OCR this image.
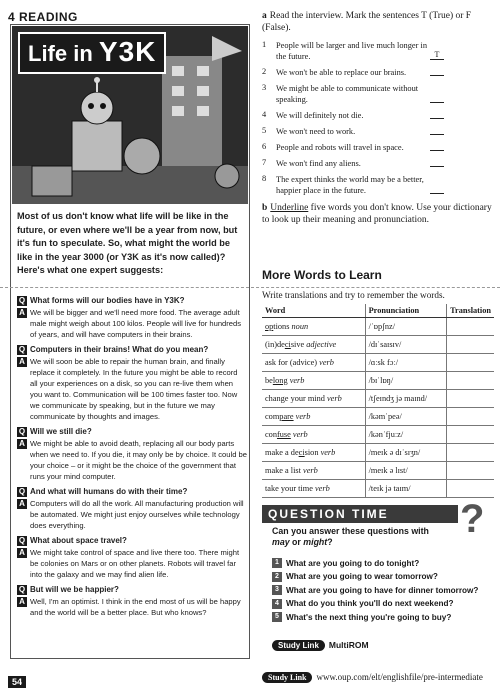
4 READING
Life in Y3K
Most of us don't know what life will be like in the future, or even where we'll be a year from now, but it's fun to speculate. So, what might the world be like in the year 3000 (or Y3K as it's now called)? Here's what one expert suggests:
Q What forms will our bodies have in Y3K?
A We will be bigger and we'll need more food. The average adult male might weigh about 100 kilos. People will live for hundreds of years, and will have computers in their brains.
Q Computers in their brains! What do you mean?
A We will soon be able to repair the human brain, and finally replace it completely. In the future you might be able to record all your experiences on a disk, so you can re-live them when you want to. Communication will be 100 times faster too. Now we communicate by speaking, but in the future we may communicate by thoughts and images.
Q Will we still die?
A We might be able to avoid death, replacing all our body parts when we need to. If you die, it may only be by choice. It could be your choice – or it might be the choice of the government that runs your mind computer.
Q And what will humans do with their time?
A Computers will do all the work. All manufacturing production will be automated. We might just enjoy ourselves while technology does everything.
Q What about space travel?
A We might take control of space and live there too. There might be colonies on Mars or on other planets. Robots will travel far into the galaxy and we may find alien life.
Q But will we be happier?
A Well, I'm an optimist. I think in the end most of us will be happy and the world will be a better place. But who knows?
a Read the interview. Mark the sentences T (True) or F (False).
1	People will be larger and live much longer in the future.	T
2	We won't be able to replace our brains.
3	We might be able to communicate without speaking.
4	We will definitely not die.
5	We won't need to work.
6	People and robots will travel in space.
7	We won't find any aliens.
8	The expert thinks the world may be a better, happier place in the future.
b Underline five words you don't know. Use your dictionary to look up their meaning and pronunciation.
More Words to Learn
Write translations and try to remember the words.
Word	Pronunciation	Translation
options noun	/ˈɒpʃnz/	
(in)decisive adjective	/dɪˈsaɪsɪv/	
ask for (advice) verb	/ɑːsk fɔː/	
belong verb	/bɪˈlɒŋ/	
change your mind verb	/tʃeɪndʒ jə maɪnd/	
compare verb	/kəmˈpeə/	
confuse verb	/kənˈfjuːz/	
make a decision verb	/meɪk ə dɪˈsɪʒn/	
make a list verb	/meɪk ə lɪst/	
take your time verb	/teɪk jə taɪm/	
QUESTION TIME	?
Can you answer these questions with may or might?
1 What are you going to do tonight?
2 What are you going to wear tomorrow?
3 What are you going to have for dinner tomorrow?
4 What do you think you'll do next weekend?
5 What's the next thing you're going to buy?
Study Link MultiROM
Study Link www.oup.com/elt/englishfile/pre-intermediate
54
